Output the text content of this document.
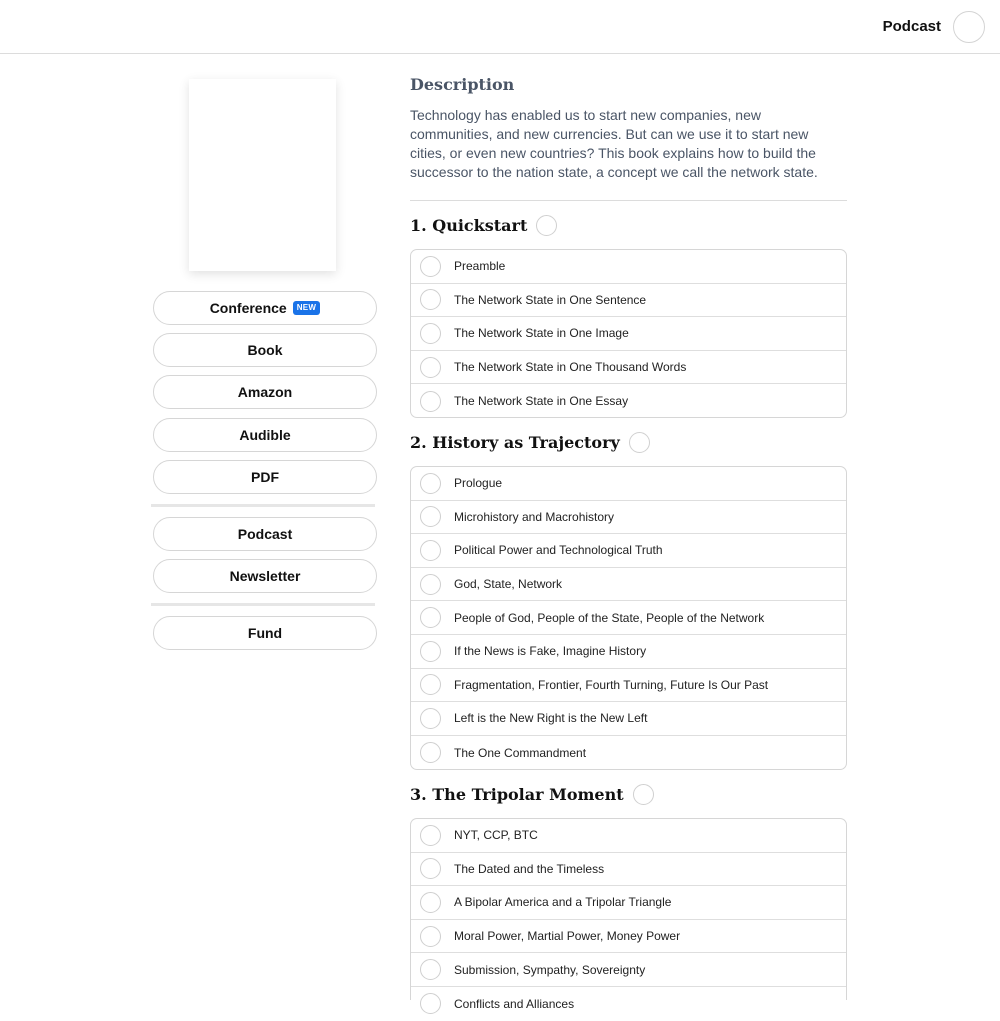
Podcast
Conference	NEW
Book
Amazon
Audible
PDF
Podcast
Newsletter
Fund
Description
Technology has enabled us to start new companies, new communities, and new currencies. But can we use it to start new cities, or even new countries? This book explains how to build the successor to the nation state, a concept we call the network state.
1. Quickstart
Preamble
The Network State in One Sentence
The Network State in One Image
The Network State in One Thousand Words
The Network State in One Essay
2. History as Trajectory
Prologue
Microhistory and Macrohistory
Political Power and Technological Truth
God, State, Network
People of God, People of the State, People of the Network
If the News is Fake, Imagine History
Fragmentation, Frontier, Fourth Turning, Future Is Our Past
Left is the New Right is the New Left
The One Commandment
3. The Tripolar Moment
NYT, CCP, BTC
The Dated and the Timeless
A Bipolar America and a Tripolar Triangle
Moral Power, Martial Power, Money Power
Submission, Sympathy, Sovereignty
Conflicts and Alliances
